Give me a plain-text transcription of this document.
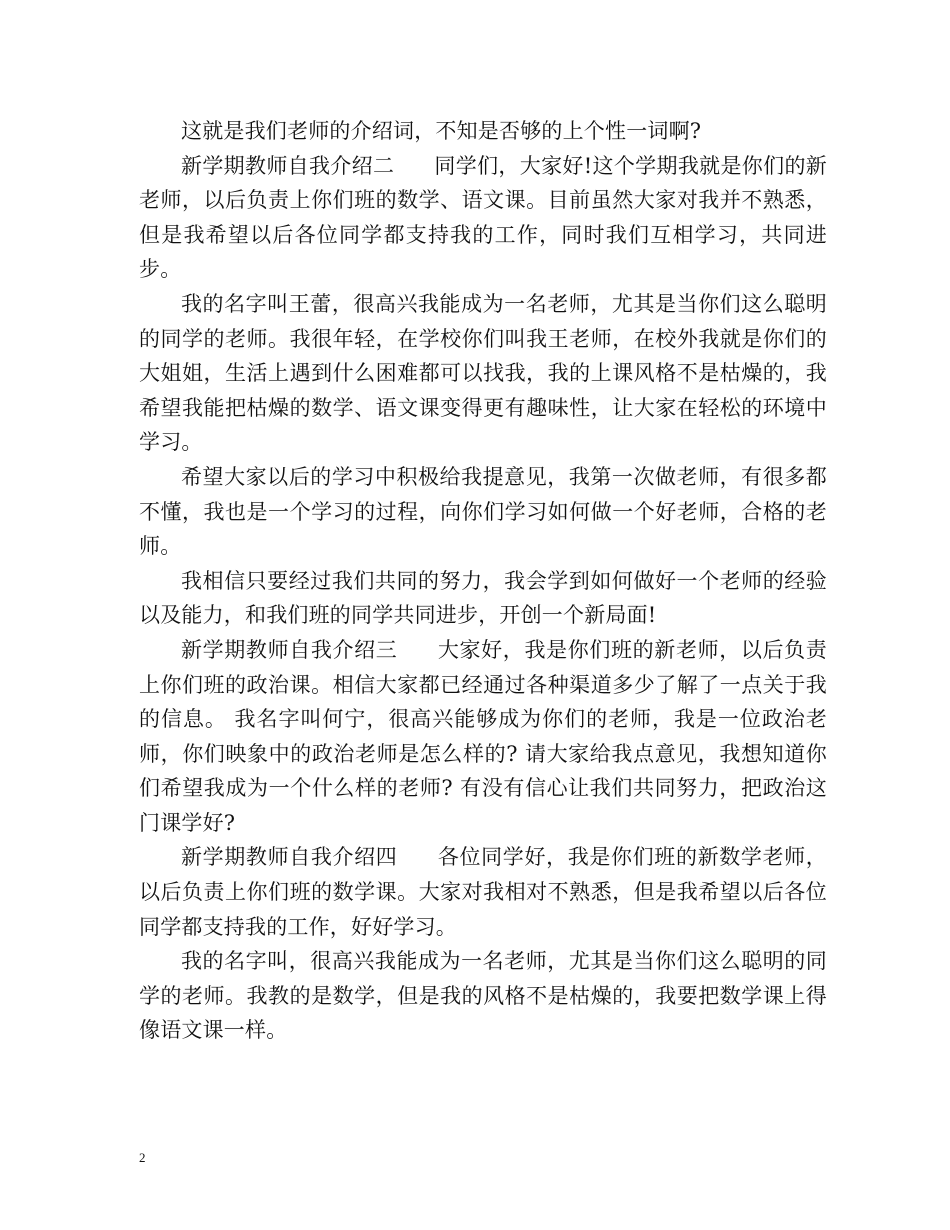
这就是我们老师的介绍词，不知是否够的上个性一词啊?

新学期教师自我介绍二 同学们，大家好!这个学期我就是你们的新老师，以后负责上你们班的数学、语文课。目前虽然大家对我并不熟悉，但是我希望以后各位同学都支持我的工作，同时我们互相学习，共同进步。

我的名字叫王蕾，很高兴我能成为一名老师，尤其是当你们这么聪明的同学的老师。我很年轻，在学校你们叫我王老师，在校外我就是你们的大姐姐，生活上遇到什么困难都可以找我，我的上课风格不是枯燥的，我希望我能把枯燥的数学、语文课变得更有趣味性，让大家在轻松的环境中学习。

希望大家以后的学习中积极给我提意见，我第一次做老师，有很多都不懂，我也是一个学习的过程，向你们学习如何做一个好老师，合格的老师。

我相信只要经过我们共同的努力，我会学到如何做好一个老师的经验以及能力，和我们班的同学共同进步，开创一个新局面!

新学期教师自我介绍三 大家好，我是你们班的新老师，以后负责上你们班的政治课。相信大家都已经通过各种渠道多少了解了一点关于我的信息。 我名字叫何宁，很高兴能够成为你们的老师，我是一位政治老师，你们映象中的政治老师是怎么样的? 请大家给我点意见，我想知道你们希望我成为一个什么样的老师? 有没有信心让我们共同努力，把政治这门课学好?

新学期教师自我介绍四 各位同学好，我是你们班的新数学老师，以后负责上你们班的数学课。大家对我相对不熟悉，但是我希望以后各位同学都支持我的工作，好好学习。

我的名字叫，很高兴我能成为一名老师，尤其是当你们这么聪明的同学的老师。我教的是数学，但是我的风格不是枯燥的，我要把数学课上得像语文课一样。

2
